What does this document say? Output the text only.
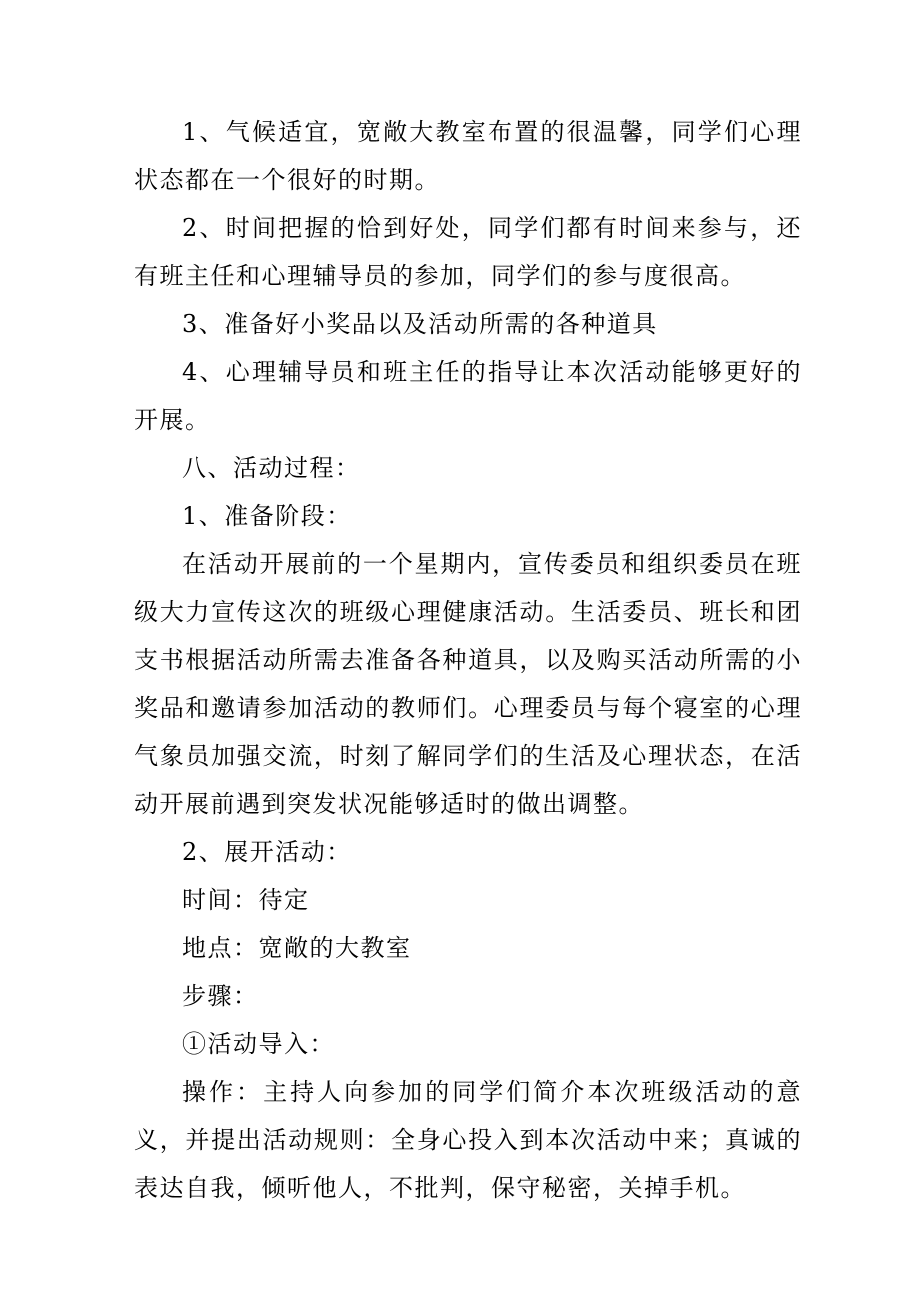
1、气候适宜，宽敞大教室布置的很温馨，同学们心理状态都在一个很好的时期。

2、时间把握的恰到好处，同学们都有时间来参与，还有班主任和心理辅导员的参加，同学们的参与度很高。

3、准备好小奖品以及活动所需的各种道具

4、心理辅导员和班主任的指导让本次活动能够更好的开展。

八、活动过程：

1、准备阶段：

在活动开展前的一个星期内，宣传委员和组织委员在班级大力宣传这次的班级心理健康活动。生活委员、班长和团支书根据活动所需去准备各种道具，以及购买活动所需的小奖品和邀请参加活动的教师们。心理委员与每个寝室的心理气象员加强交流，时刻了解同学们的生活及心理状态，在活动开展前遇到突发状况能够适时的做出调整。

2、展开活动：

时间：待定

地点：宽敞的大教室

步骤：

①活动导入：

操作：主持人向参加的同学们简介本次班级活动的意义，并提出活动规则：全身心投入到本次活动中来；真诚的表达自我，倾听他人，不批判，保守秘密，关掉手机。
